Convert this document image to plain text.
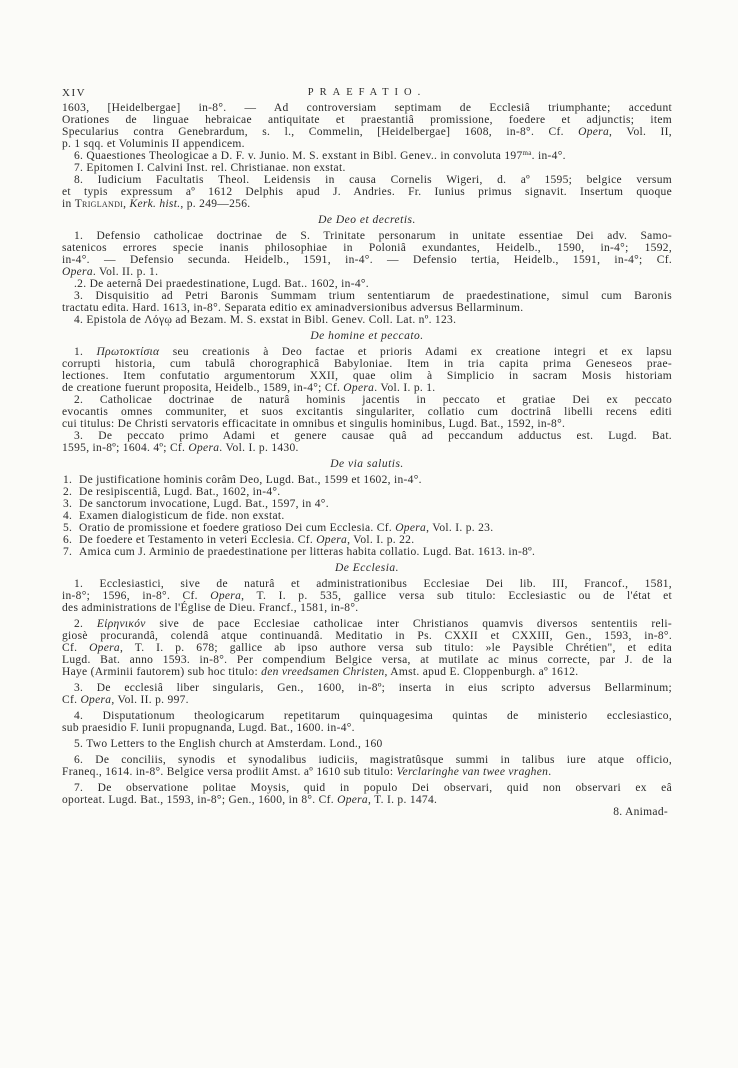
XIV	PRAEFATIO.
1603, [Heidelbergae] in-8°. — Ad controversiam septimam de Ecclesiâ triumphante; accedunt
Orationes de linguae hebraicae antiquitate et praestantiâ promissione, foedere et adjunctis; item
Specularius contra Genebrardum, s. l., Commelin, [Heidelbergae] 1608, in-8°. Cf. Opera, Vol. II,
p. 1 sqq. et Voluminis II appendicem.
6. Quaestiones Theologicae a D. F. v. Junio. M. S. exstant in Bibl. Genev.. in convoluta $197^{ma}$. in-4°.
7. Epitomen I. Calvini Inst. rel. Christianae. non exstat.
8. Iudicium Facultatis Theol. Leidensis in causa Cornelis Wigeri, d. aº 1595; belgice versum
et typis expressum aº 1612 Delphis apud J. Andries. Fr. Iunius primus signavit. Insertum quoque
in Triglandi, Kerk. hist., p. 249—256.
De Deo et decretis.
1. Defensio catholicae doctrinae de S. Trinitate personarum in unitate essentiae Dei adv. Samo-
satenicos errores specie inanis philosophiae in Poloniâ exundantes, Heidelb., 1590, in-4°; 1592,
in-4°. — Defensio secunda. Heidelb., 1591, in-4°. — Defensio tertia, Heidelb., 1591, in-4°; Cf.
Opera. Vol. II. p. 1.
.2. De aeternâ Dei praedestinatione, Lugd. Bat.. 1602, in-4°.
3. Disquisitio ad Petri Baronis Summam trium sententiarum de praedestinatione, simul cum Baronis
tractatu edita. Hard. 1613, in-8°. Separata editio ex aminadversionibus adversus Bellarminum.
4. Epistola de Λόγῳ ad Bezam. M. S. exstat in Bibl. Genev. Coll. Lat. nº. 123.
De homine et peccato.
1. Πρωτοκτίσια seu creationis à Deo factae et prioris Adami ex creatione integri et ex lapsu
corrupti historia, cum tabulâ chorographicâ Babyloniae. Item in tria capita prima Geneseos prae-
lectiones. Item confutatio argumentorum XXII, quae olim à Simplicio in sacram Mosis historiam
de creatione fuerunt proposita, Heidelb., 1589, in-4°; Cf. Opera. Vol. I. p. 1.
2. Catholicae doctrinae de naturâ hominis jacentis in peccato et gratiae Dei ex peccato
evocantis omnes communiter, et suos excitantis singulariter, collatio cum doctrinâ libelli recens editi
cui titulus: De Christi servatoris efficacitate in omnibus et singulis hominibus, Lugd. Bat., 1592, in-8°.
3. De peccato primo Adami et genere causae quâ ad peccandum adductus est. Lugd. Bat.
1595, in-8º; 1604. 4º; Cf. Opera. Vol. I. p. 1430.
De via salutis.
1. De justificatione hominis corâm Deo, Lugd. Bat., 1599 et 1602, in-4°.
2. De resipiscentiâ, Lugd. Bat., 1602, in-4°.
3. De sanctorum invocatione, Lugd. Bat., 1597, in 4°.
4. Examen dialogisticum de fide. non exstat.
5. Oratio de promissione et foedere gratioso Dei cum Ecclesia. Cf. Opera, Vol. I. p. 23.
6. De foedere et Testamento in veteri Ecclesia. Cf. Opera, Vol. I. p. 22.
7. Amica cum J. Arminio de praedestinatione per litteras habita collatio. Lugd. Bat. 1613. in-8º.
De Ecclesia.
1. Ecclesiastici, sive de naturâ et administrationibus Ecclesiae Dei lib. III, Francof., 1581,
in-8°; 1596, in-8°. Cf. Opera, T. I. p. 535, gallice versa sub titulo: Ecclesiastic ou de l'état et
des administrations de l'Église de Dieu. Francf., 1581, in-8°.
2. Εἰρηνικόν sive de pace Ecclesiae catholicae inter Christianos quamvis diversos sententiis reli-
giosè procurandâ, colendâ atque continuandâ. Meditatio in Ps. CXXII et CXXIII, Gen., 1593, in-8°.
Cf. Opera, T. I. p. 678; gallice ab ipso authore versa sub titulo: »le Paysible Chrétien", et edita
Lugd. Bat. anno 1593. in-8°. Per compendium Belgice versa, at mutilate ac minus correcte, par J. de la
Haye (Arminii fautorem) sub hoc titulo: den vreedsamen Christen, Amst. apud E. Cloppenburgh. aº 1612.
3. De ecclesiâ liber singularis, Gen., 1600, in-8º; inserta in eius scripto adversus Bellarminum;
Cf. Opera, Vol. II. p. 997.
4. Disputationum theologicarum repetitarum quinquagesima quintas de ministerio ecclesiastico,
sub praesidio F. Iunii propugnanda, Lugd. Bat., 1600. in-4°.
5. Two Letters to the English church at Amsterdam. Lond., 160
6. De conciliis, synodis et synodalibus iudiciis, magistratûsque summi in talibus iure atque officio,
Franeq., 1614. in-8°. Belgice versa prodiit Amst. aº 1610 sub titulo: Verclaringhe van twee vraghen.
7. De observatione politae Moysis, quid in populo Dei observari, quid non observari ex eâ
oporteat. Lugd. Bat., 1593, in-8°; Gen., 1600, in 8°. Cf. Opera, T. I. p. 1474.
8. Animad-
